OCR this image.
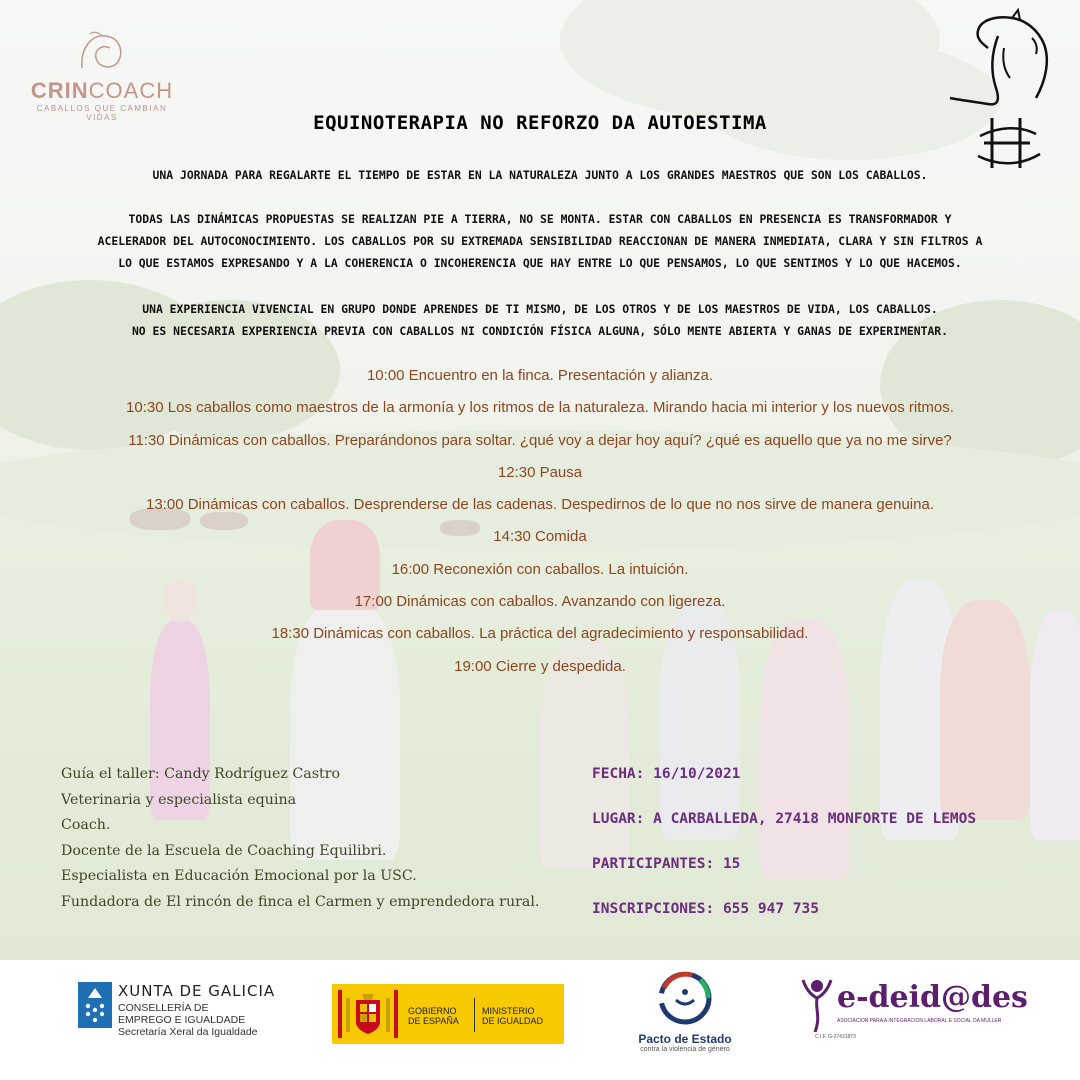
CRINCOACH
CABALLOS QUE CAMBIAN VIDAS	EQUINOTERAPIA NO REFORZO DA AUTOESTIMA
UNA JORNADA PARA REGALARTE EL TIEMPO DE ESTAR EN LA NATURALEZA JUNTO A LOS GRANDES MAESTROS QUE SON LOS CABALLOS.
TODAS LAS DINÁMICAS PROPUESTAS SE REALIZAN PIE A TIERRA, NO SE MONTA. ESTAR CON CABALLOS EN PRESENCIA ES TRANSFORMADOR Y
ACELERADOR DEL AUTOCONOCIMIENTO. LOS CABALLOS POR SU EXTREMADA SENSIBILIDAD REACCIONAN DE MANERA INMEDIATA, CLARA Y SIN FILTROS A
LO QUE ESTAMOS EXPRESANDO Y A LA COHERENCIA O INCOHERENCIA QUE HAY ENTRE LO QUE PENSAMOS, LO QUE SENTIMOS Y LO QUE HACEMOS.
UNA EXPERIENCIA VIVENCIAL EN GRUPO DONDE APRENDES DE TI MISMO, DE LOS OTROS Y DE LOS MAESTROS DE VIDA, LOS CABALLOS.
NO ES NECESARIA EXPERIENCIA PREVIA CON CABALLOS NI CONDICIÓN FÍSICA ALGUNA, SÓLO MENTE ABIERTA Y GANAS DE EXPERIMENTAR.
10:00 Encuentro en la finca. Presentación y alianza.
10:30 Los caballos como maestros de la armonía y los ritmos de la naturaleza. Mirando hacia mi interior y los nuevos ritmos.
11:30 Dinámicas con caballos. Preparándonos para soltar. ¿qué voy a dejar hoy aquí? ¿qué es aquello que ya no me sirve?
12:30 Pausa
13:00 Dinámicas con caballos. Desprenderse de las cadenas. Despedirnos de lo que no nos sirve de manera genuina.
14:30 Comida
16:00 Reconexión con caballos. La intuición.
17:00 Dinámicas con caballos. Avanzando con ligereza.
18:30 Dinámicas con caballos. La práctica del agradecimiento y responsabilidad.
19:00 Cierre y despedida.
Guía el taller: Candy Rodríguez Castro
Veterinaria y especialista equina
Coach.
Docente de la Escuela de Coaching Equilibri.
Especialista en Educación Emocional por la USC.
Fundadora de El rincón de finca el Carmen y emprendedora rural.
FECHA: 16/10/2021
LUGAR: A CARBALLEDA, 27418 MONFORTE DE LEMOS
PARTICIPANTES: 15
INSCRIPCIONES: 655 947 735
XUNTA DE GALICIA
CONSELLERÍA DE
EMPREGO E IGUALDADE
Secretaría Xeral da Igualdade
GOBIERNO
DE ESPAÑA
MINISTERIO
DE IGUALDAD
Pacto de Estado
contra la violencia de género
e-deid@des
ASOCIACION PARA A INTEGRACION LABORAL E SOCIAL DA MULLER
C.I.F. G-27431873
